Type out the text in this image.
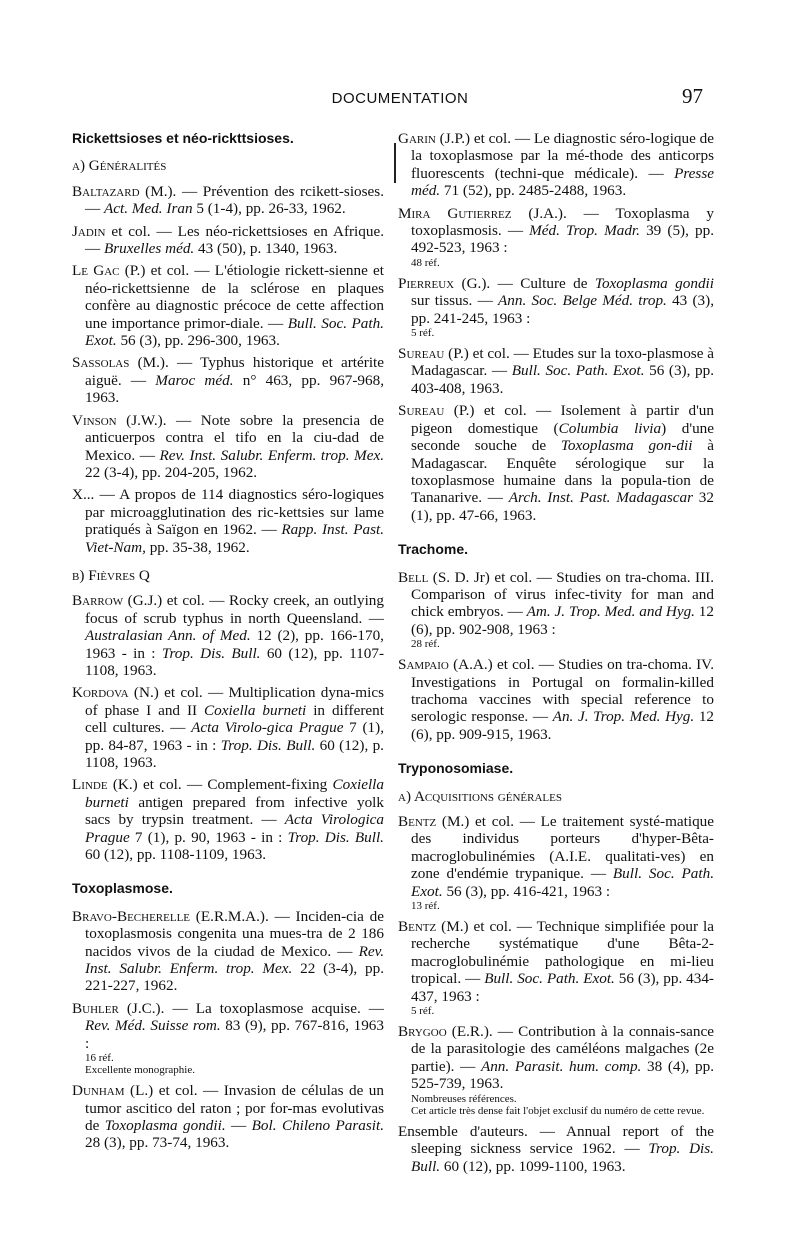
DOCUMENTATION	97
Rickettsioses et néo-rickttsioses.
a) Généralités
Baltazard (M.). — Prévention des rcikett-sioses. — Act. Med. Iran 5 (1-4), pp. 26-33, 1962.
Jadin et col. — Les néo-rickettsioses en Afrique. — Bruxelles méd. 43 (50), p. 1340, 1963.
Le Gac (P.) et col. — L'étiologie rickett-sienne et néo-rickettsienne de la sclérose en plaques confère au diagnostic précoce de cette affection une importance primor-diale. — Bull. Soc. Path. Exot. 56 (3), pp. 296-300, 1963.
Sassolas (M.). — Typhus historique et artérite aiguë. — Maroc méd. n° 463, pp. 967-968, 1963.
Vinson (J.W.). — Note sobre la presencia de anticuerpos contra el tifo en la ciu-dad de Mexico. — Rev. Inst. Salubr. Enferm. trop. Mex. 22 (3-4), pp. 204-205, 1962.
X... — A propos de 114 diagnostics séro-logiques par microagglutination des ric-kettsies sur lame pratiqués à Saïgon en 1962. — Rapp. Inst. Past. Viet-Nam, pp. 35-38, 1962.
b) Fièvres Q
Barrow (G.J.) et col. — Rocky creek, an outlying focus of scrub typhus in north Queensland. — Australasian Ann. of Med. 12 (2), pp. 166-170, 1963 - in : Trop. Dis. Bull. 60 (12), pp. 1107-1108, 1963.
Kordova (N.) et col. — Multiplication dyna-mics of phase I and II Coxiella burneti in different cell cultures. — Acta Virolo-gica Prague 7 (1), pp. 84-87, 1963 - in : Trop. Dis. Bull. 60 (12), p. 1108, 1963.
Linde (K.) et col. — Complement-fixing Coxiella burneti antigen prepared from infective yolk sacs by trypsin treatment. — Acta Virologica Prague 7 (1), p. 90, 1963 - in : Trop. Dis. Bull. 60 (12), pp. 1108-1109, 1963.
Toxoplasmose.
Bravo-Becherelle (E.R.M.A.). — Inciden-cia de toxoplasmosis congenita una mues-tra de 2 186 nacidos vivos de la ciudad de Mexico. — Rev. Inst. Salubr. Enferm. trop. Mex. 22 (3-4), pp. 221-227, 1962.
Buhler (J.C.). — La toxoplasmose acquise. — Rev. Méd. Suisse rom. 83 (9), pp. 767-816, 1963 :
16 réf.
Excellente monographie.
Dunham (L.) et col. — Invasion de células de un tumor ascitico del raton ; por for-mas evolutivas de Toxoplasma gondii. — Bol. Chileno Parasit. 28 (3), pp. 73-74, 1963.
Garin (J.P.) et col. — Le diagnostic séro-logique de la toxoplasmose par la mé-thode des anticorps fluorescents (techni-que médicale). — Presse méd. 71 (52), pp. 2485-2488, 1963.
Mira Gutierrez (J.A.). — Toxoplasma y toxoplasmosis. — Méd. Trop. Madr. 39 (5), pp. 492-523, 1963 :
48 réf.
Pierreux (G.). — Culture de Toxoplasma gondii sur tissus. — Ann. Soc. Belge Méd. trop. 43 (3), pp. 241-245, 1963 :
5 réf.
Sureau (P.) et col. — Etudes sur la toxo-plasmose à Madagascar. — Bull. Soc. Path. Exot. 56 (3), pp. 403-408, 1963.
Sureau (P.) et col. — Isolement à partir d'un pigeon domestique (Columbia livia) d'une seconde souche de Toxoplasma gon-dii à Madagascar. Enquête sérologique sur la toxoplasmose humaine dans la popula-tion de Tananarive. — Arch. Inst. Past. Madagascar 32 (1), pp. 47-66, 1963.
Trachome.
Bell (S. D. Jr) et col. — Studies on tra-choma. III. Comparison of virus infec-tivity for man and chick embryos. — Am. J. Trop. Med. and Hyg. 12 (6), pp. 902-908, 1963 :
28 réf.
Sampaio (A.A.) et col. — Studies on tra-choma. IV. Investigations in Portugal on formalin-killed trachoma vaccines with special reference to serologic response. — An. J. Trop. Med. Hyg. 12 (6), pp. 909-915, 1963.
Tryponosomiase.
a) Acquisitions générales
Bentz (M.) et col. — Le traitement systé-matique des individus porteurs d'hyper-Bêta-macroglobulinémies (A.I.E. qualitati-ves) en zone d'endémie trypanique. — Bull. Soc. Path. Exot. 56 (3), pp. 416-421, 1963 :
13 réf.
Bentz (M.) et col. — Technique simplifiée pour la recherche systématique d'une Bêta-2-macroglobulinémie pathologique en mi-lieu tropical. — Bull. Soc. Path. Exot. 56 (3), pp. 434-437, 1963 :
5 réf.
Brygoo (E.R.). — Contribution à la connais-sance de la parasitologie des caméléons malgaches (2e partie). — Ann. Parasit. hum. comp. 38 (4), pp. 525-739, 1963.
Nombreuses références.
Cet article très dense fait l'objet exclusif du numéro de cette revue.
Ensemble d'auteurs. — Annual report of the sleeping sickness service 1962. — Trop. Dis. Bull. 60 (12), pp. 1099-1100, 1963.
